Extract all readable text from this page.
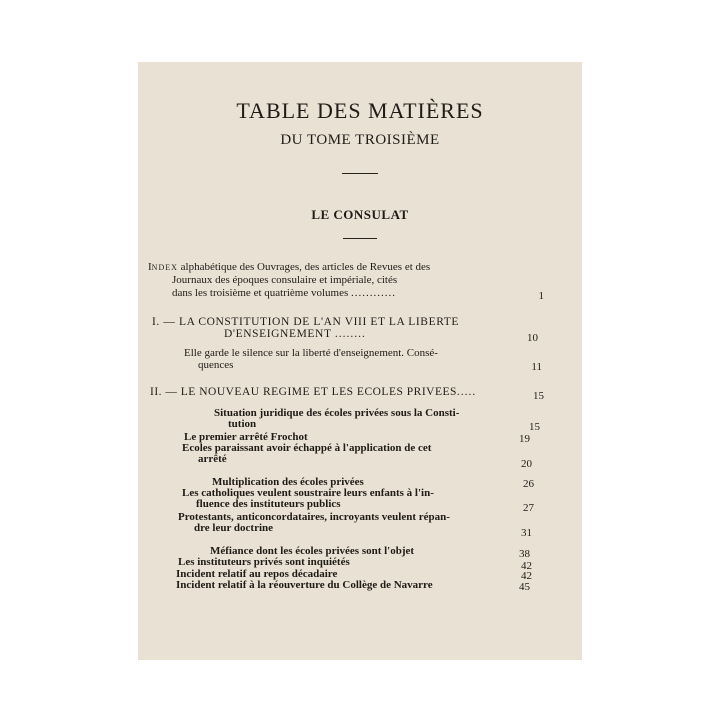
TABLE DES MATIÈRES
DU TOME TROISIÈME
LE CONSULAT
INDEX alphabétique des Ouvrages, des articles de Revues et des
Journaux des époques consulaire et impériale, cités
dans les troisième et quatrième volumes ............	1
I. — LA CONSTITUTION DE L'AN VIII ET LA LIBERTE
D'ENSEIGNEMENT ........	10
Elle garde le silence sur la liberté d'enseignement. Consé-
quences	11
II. — LE NOUVEAU REGIME ET LES ECOLES PRIVEES.....	15
Situation juridique des écoles privées sous la Consti-
tution	15
Le premier arrêté Frochot	19
Ecoles paraissant avoir échappé à l'application de cet
arrêté	20
Multiplication des écoles privées	26
Les catholiques veulent soustraire leurs enfants à l'in-
fluence des instituteurs publics	27
Protestants, anticoncordataires, incroyants veulent répan-
dre leur doctrine	31
Méfiance dont les écoles privées sont l'objet	38
Les instituteurs privés sont inquiétés	42
Incident relatif au repos décadaire	42
Incident relatif à la réouverture du Collège de Navarre	45
